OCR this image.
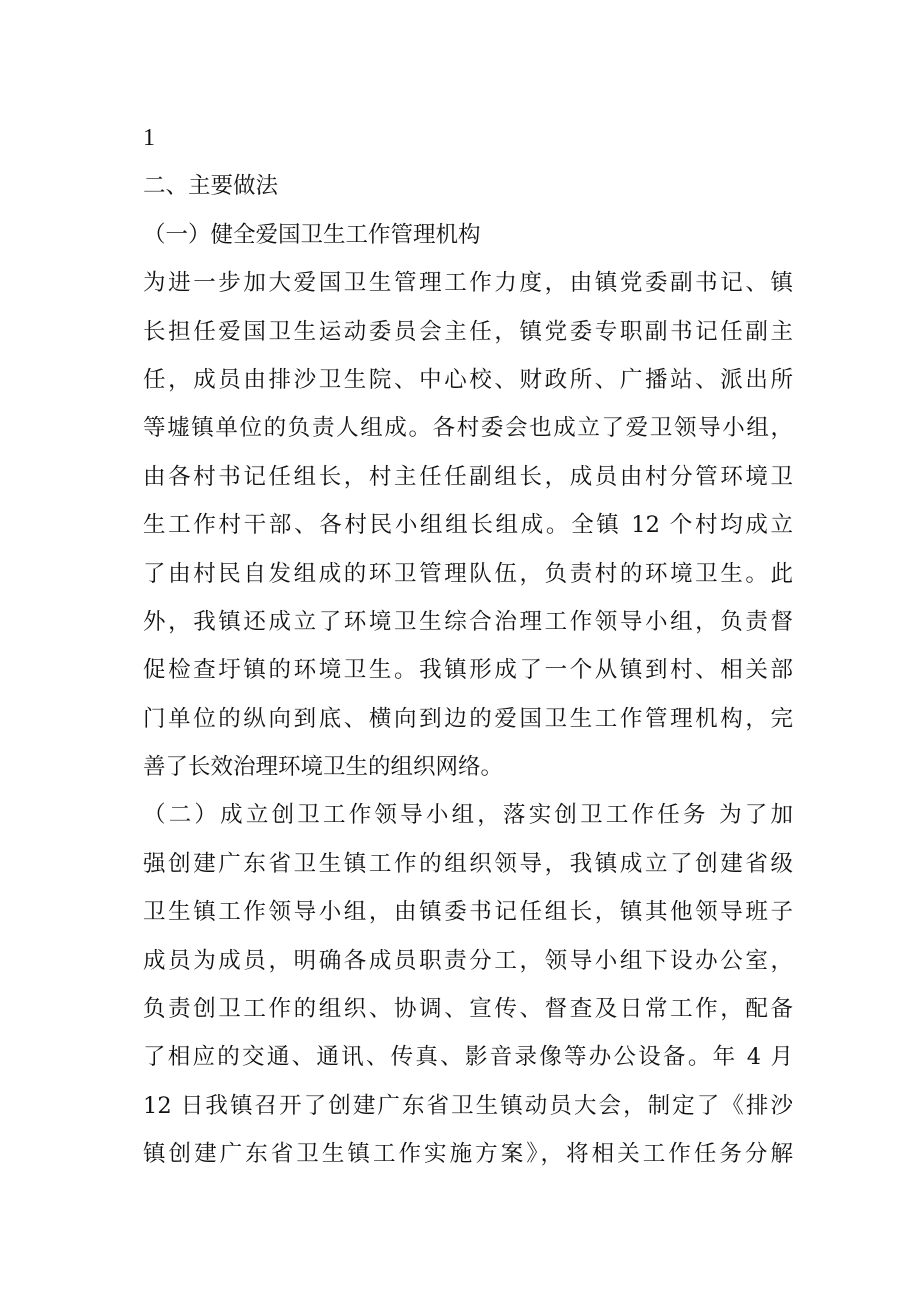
1
二、主要做法
（一）健全爱国卫生工作管理机构
为进一步加大爱国卫生管理工作力度，由镇党委副书记、镇
长担任爱国卫生运动委员会主任，镇党委专职副书记任副主
任，成员由排沙卫生院、中心校、财政所、广播站、派出所
等墟镇单位的负责人组成。各村委会也成立了爱卫领导小组，
由各村书记任组长，村主任任副组长，成员由村分管环境卫
生工作村干部、各村民小组组长组成。全镇 12 个村均成立
了由村民自发组成的环卫管理队伍，负责村的环境卫生。此
外，我镇还成立了环境卫生综合治理工作领导小组，负责督
促检查圩镇的环境卫生。我镇形成了一个从镇到村、相关部
门单位的纵向到底、横向到边的爱国卫生工作管理机构，完
善了长效治理环境卫生的组织网络。
（二）成立创卫工作领导小组，落实创卫工作任务 为了加
强创建广东省卫生镇工作的组织领导，我镇成立了创建省级
卫生镇工作领导小组，由镇委书记任组长，镇其他领导班子
成员为成员，明确各成员职责分工，领导小组下设办公室，
负责创卫工作的组织、协调、宣传、督查及日常工作，配备
了相应的交通、通讯、传真、影音录像等办公设备。年 4 月
12 日我镇召开了创建广东省卫生镇动员大会，制定了《排沙
镇创建广东省卫生镇工作实施方案》，将相关工作任务分解
